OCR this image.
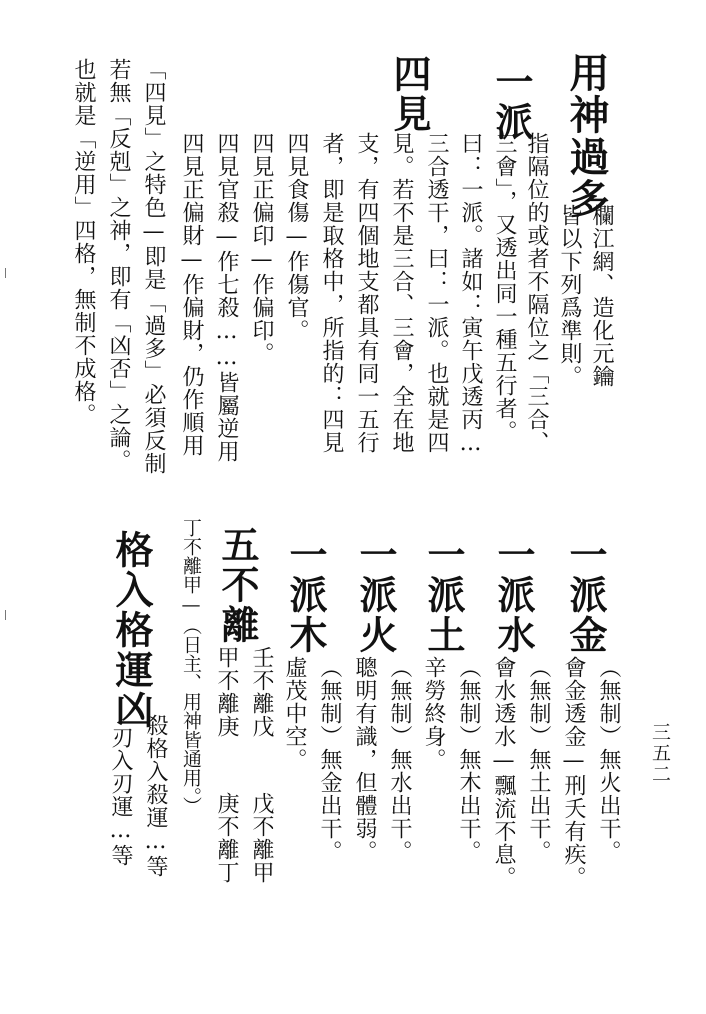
三五二
用神過多
欄江網、造化元鑰
皆以下列爲準則。
一派
指隔位的或者不隔位之「三合、
三會」，又透出同一種五行者。
曰：一派。諸如：寅午戊透丙…
四見
三合透干，曰：一派。也就是四
見。若不是三合、三會，全在地
支，有四個地支都具有同一五行
者，即是取格中，所指的：四見
四見食傷—作傷官。
四見正偏印—作偏印。
四見官殺—作七殺……皆屬逆用
四見正偏財—作偏財，仍作順用
「四見」之特色—即是「過多」必須反制
若無「反剋」之神，即有「凶否」之論。
也就是「逆用」四格，無制不成格。
一派金
（無制）無火出干。
會金透金—刑夭有疾。
一派水
（無制）無土出干。
會水透水—飄流不息。
一派土
（無制）無木出干。
辛勞終身。
一派火
（無制）無水出干。
聰明有識，但體弱。
一派木
（無制）無金出干。
虛茂中空。
五不離
壬不離戊
戊不離甲
甲不離庚
庚不離丁
丁不離甲—（日主、用神皆通用。）
格入格運凶
殺格入殺運…等
刃入刃運…等
